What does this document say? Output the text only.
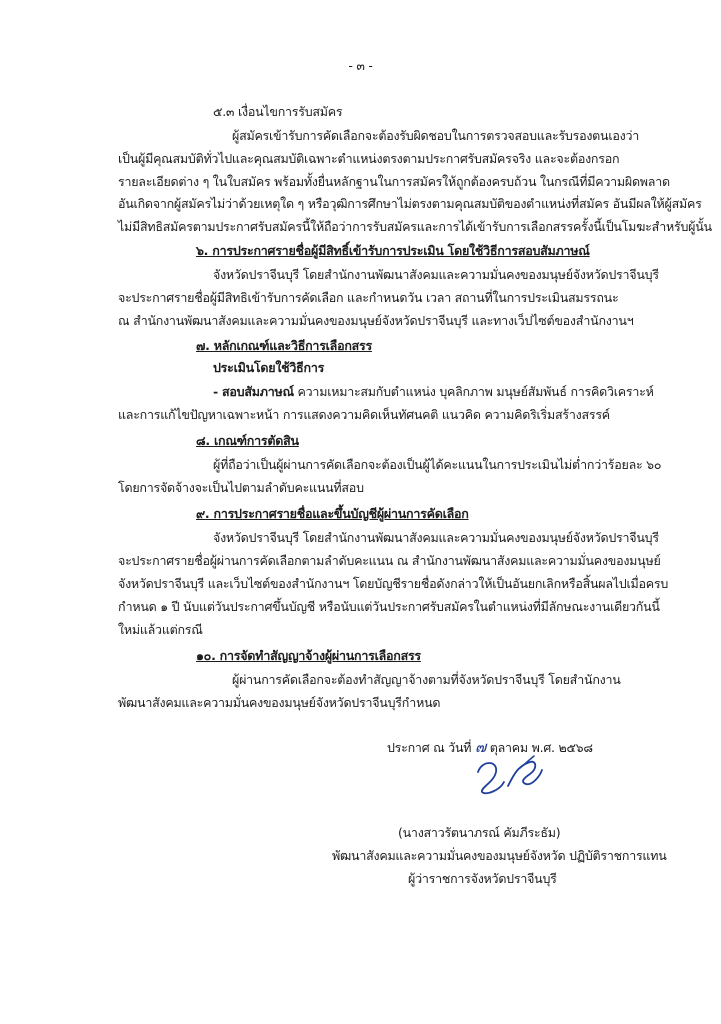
- ๓ -
๕.๓ เงื่อนไขการรับสมัคร
ผู้สมัครเข้ารับการคัดเลือกจะต้องรับผิดชอบในการตรวจสอบและรับรองตนเองว่า
เป็นผู้มีคุณสมบัติทั่วไปและคุณสมบัติเฉพาะตำแหน่งตรงตามประกาศรับสมัครจริง และจะต้องกรอก
รายละเอียดต่าง ๆ ในใบสมัคร พร้อมทั้งยื่นหลักฐานในการสมัครให้ถูกต้องครบถ้วน ในกรณีที่มีความผิดพลาด
อันเกิดจากผู้สมัครไม่ว่าด้วยเหตุใด ๆ หรือวุฒิการศึกษาไม่ตรงตามคุณสมบัติของตำแหน่งที่สมัคร อันมีผลให้ผู้สมัคร
ไม่มีสิทธิสมัครตามประกาศรับสมัครนี้ให้ถือว่าการรับสมัครและการได้เข้ารับการเลือกสรรครั้งนี้เป็นโมฆะสำหรับผู้นั้น
๖. การประกาศรายชื่อผู้มีสิทธิ์เข้ารับการประเมิน โดยใช้วิธีการสอบสัมภาษณ์
จังหวัดปราจีนบุรี โดยสำนักงานพัฒนาสังคมและความมั่นคงของมนุษย์จังหวัดปราจีนบุรี
จะประกาศรายชื่อผู้มีสิทธิเข้ารับการคัดเลือก และกำหนดวัน เวลา สถานที่ในการประเมินสมรรถนะ
ณ สำนักงานพัฒนาสังคมและความมั่นคงของมนุษย์จังหวัดปราจีนบุรี และทางเว็ปไซต์ของสำนักงานฯ
๗. หลักเกณฑ์และวิธีการเลือกสรร
ประเมินโดยใช้วิธีการ
- สอบสัมภาษณ์ ความเหมาะสมกับตำแหน่ง บุคลิกภาพ มนุษย์สัมพันธ์ การคิดวิเคราะห์
และการแก้ไขปัญหาเฉพาะหน้า การแสดงความคิดเห็นทัศนคติ แนวคิด ความคิดริเริ่มสร้างสรรค์
๘. เกณฑ์การตัดสิน
ผู้ที่ถือว่าเป็นผู้ผ่านการคัดเลือกจะต้องเป็นผู้ได้คะแนนในการประเมินไม่ต่ำกว่าร้อยละ ๖๐
โดยการจัดจ้างจะเป็นไปตามลำดับคะแนนที่สอบ
๙. การประกาศรายชื่อและขึ้นบัญชีผู้ผ่านการคัดเลือก
จังหวัดปราจีนบุรี โดยสำนักงานพัฒนาสังคมและความมั่นคงของมนุษย์จังหวัดปราจีนบุรี
จะประกาศรายชื่อผู้ผ่านการคัดเลือกตามลำดับคะแนน ณ สำนักงานพัฒนาสังคมและความมั่นคงของมนุษย์
จังหวัดปราจีนบุรี และเว็บไซต์ของสำนักงานฯ โดยบัญชีรายชื่อดังกล่าวให้เป็นอันยกเลิกหรือสิ้นผลไปเมื่อครบ
กำหนด ๑ ปี นับแต่วันประกาศขึ้นบัญชี หรือนับแต่วันประกาศรับสมัครในตำแหน่งที่มีลักษณะงานเดียวกันนี้
ใหม่แล้วแต่กรณี
๑๐. การจัดทำสัญญาจ้างผู้ผ่านการเลือกสรร
ผู้ผ่านการคัดเลือกจะต้องทำสัญญาจ้างตามที่จังหวัดปราจีนบุรี โดยสำนักงาน
พัฒนาสังคมและความมั่นคงของมนุษย์จังหวัดปราจีนบุรีกำหนด
ประกาศ ณ วันที่ ๗ ตุลาคม พ.ศ. ๒๕๖๘
(นางสาวรัตนาภรณ์ คัมภีระธัม)
พัฒนาสังคมและความมั่นคงของมนุษย์จังหวัด ปฏิบัติราชการแทน
ผู้ว่าราชการจังหวัดปราจีนบุรี
